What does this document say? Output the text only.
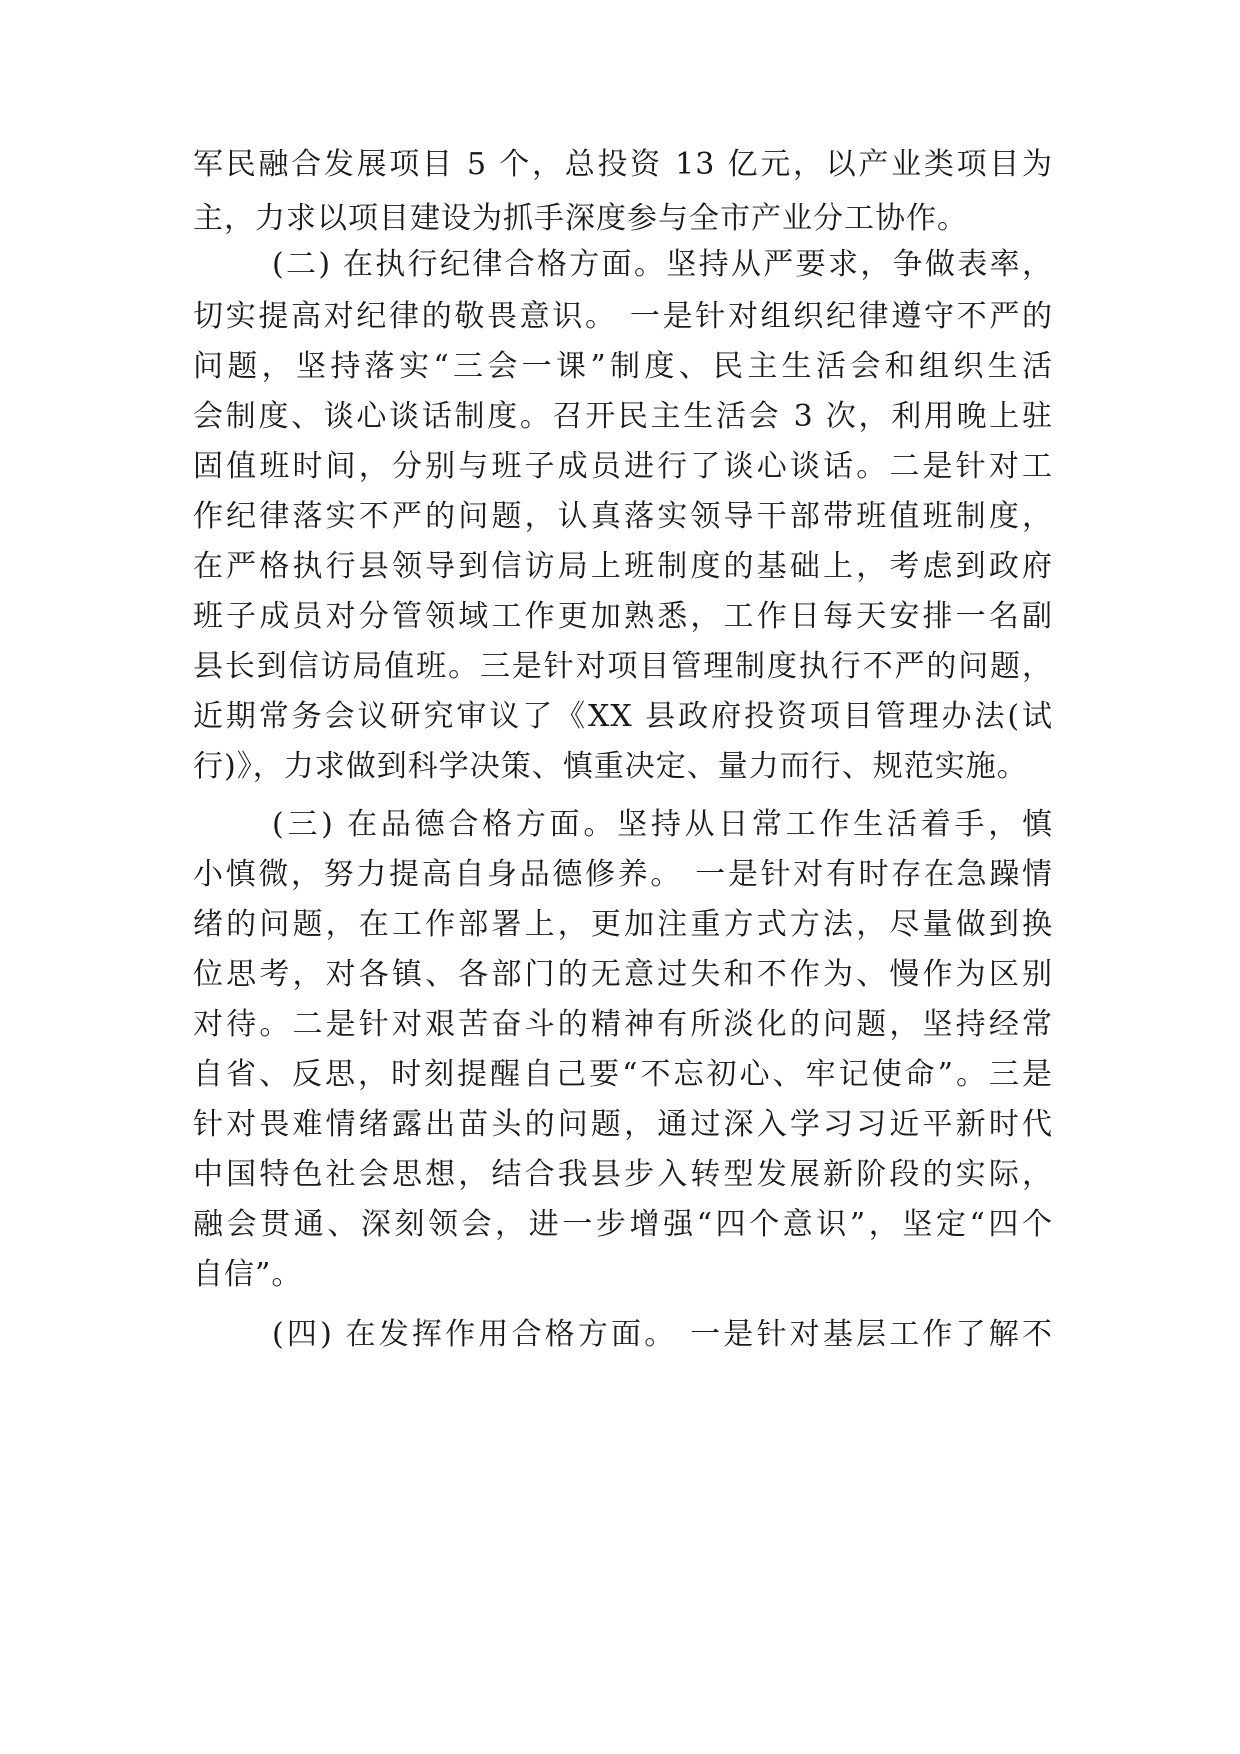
军民融合发展项目 5 个，总投资 13 亿元，以产业类项目为
主，力求以项目建设为抓手深度参与全市产业分工协作。
(二) 在执行纪律合格方面。坚持从严要求，争做表率，
切实提高对纪律的敬畏意识。 一是针对组织纪律遵守不严的
问题，坚持落实“三会一课”制度、民主生活会和组织生活
会制度、谈心谈话制度。召开民主生活会 3 次，利用晚上驻
固值班时间，分别与班子成员进行了谈心谈话。二是针对工
作纪律落实不严的问题，认真落实领导干部带班值班制度，
在严格执行县领导到信访局上班制度的基础上，考虑到政府
班子成员对分管领域工作更加熟悉，工作日每天安排一名副
县长到信访局值班。三是针对项目管理制度执行不严的问题，
近期常务会议研究审议了《XX 县政府投资项目管理办法(试
行)》，力求做到科学决策、慎重决定、量力而行、规范实施。
(三) 在品德合格方面。坚持从日常工作生活着手，慎
小慎微，努力提高自身品德修养。 一是针对有时存在急躁情
绪的问题，在工作部署上，更加注重方式方法，尽量做到换
位思考，对各镇、各部门的无意过失和不作为、慢作为区别
对待。二是针对艰苦奋斗的精神有所淡化的问题，坚持经常
自省、反思，时刻提醒自己要“不忘初心、牢记使命”。三是
针对畏难情绪露出苗头的问题，通过深入学习习近平新时代
中国特色社会思想，结合我县步入转型发展新阶段的实际，
融会贯通、深刻领会，进一步增强“四个意识”，坚定“四个
自信”。
(四) 在发挥作用合格方面。 一是针对基层工作了解不
